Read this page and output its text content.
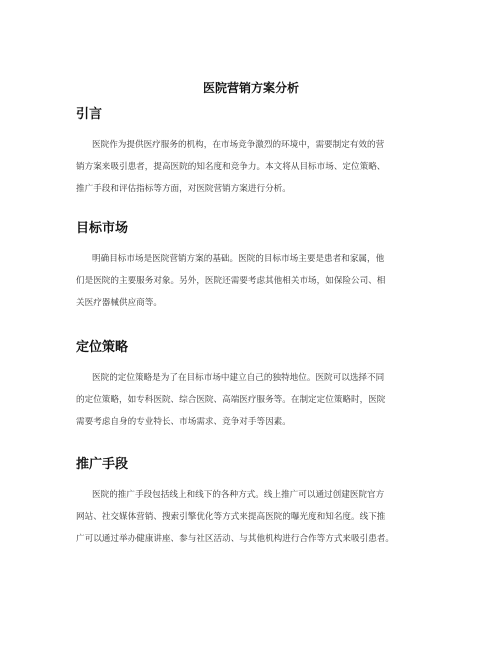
医院营销方案分析
引言
医院作为提供医疗服务的机构，在市场竞争激烈的环境中，需要制定有效的营
销方案来吸引患者，提高医院的知名度和竞争力。本文将从目标市场、定位策略、
推广手段和评估指标等方面，对医院营销方案进行分析。
目标市场
明确目标市场是医院营销方案的基础。医院的目标市场主要是患者和家属，他
们是医院的主要服务对象。另外，医院还需要考虑其他相关市场，如保险公司、相
关医疗器械供应商等。
定位策略
医院的定位策略是为了在目标市场中建立自己的独特地位。医院可以选择不同
的定位策略，如专科医院、综合医院、高端医疗服务等。在制定定位策略时，医院
需要考虑自身的专业特长、市场需求、竞争对手等因素。
推广手段
医院的推广手段包括线上和线下的各种方式。线上推广可以通过创建医院官方
网站、社交媒体营销、搜索引擎优化等方式来提高医院的曝光度和知名度。线下推
广可以通过举办健康讲座、参与社区活动、与其他机构进行合作等方式来吸引患者。
